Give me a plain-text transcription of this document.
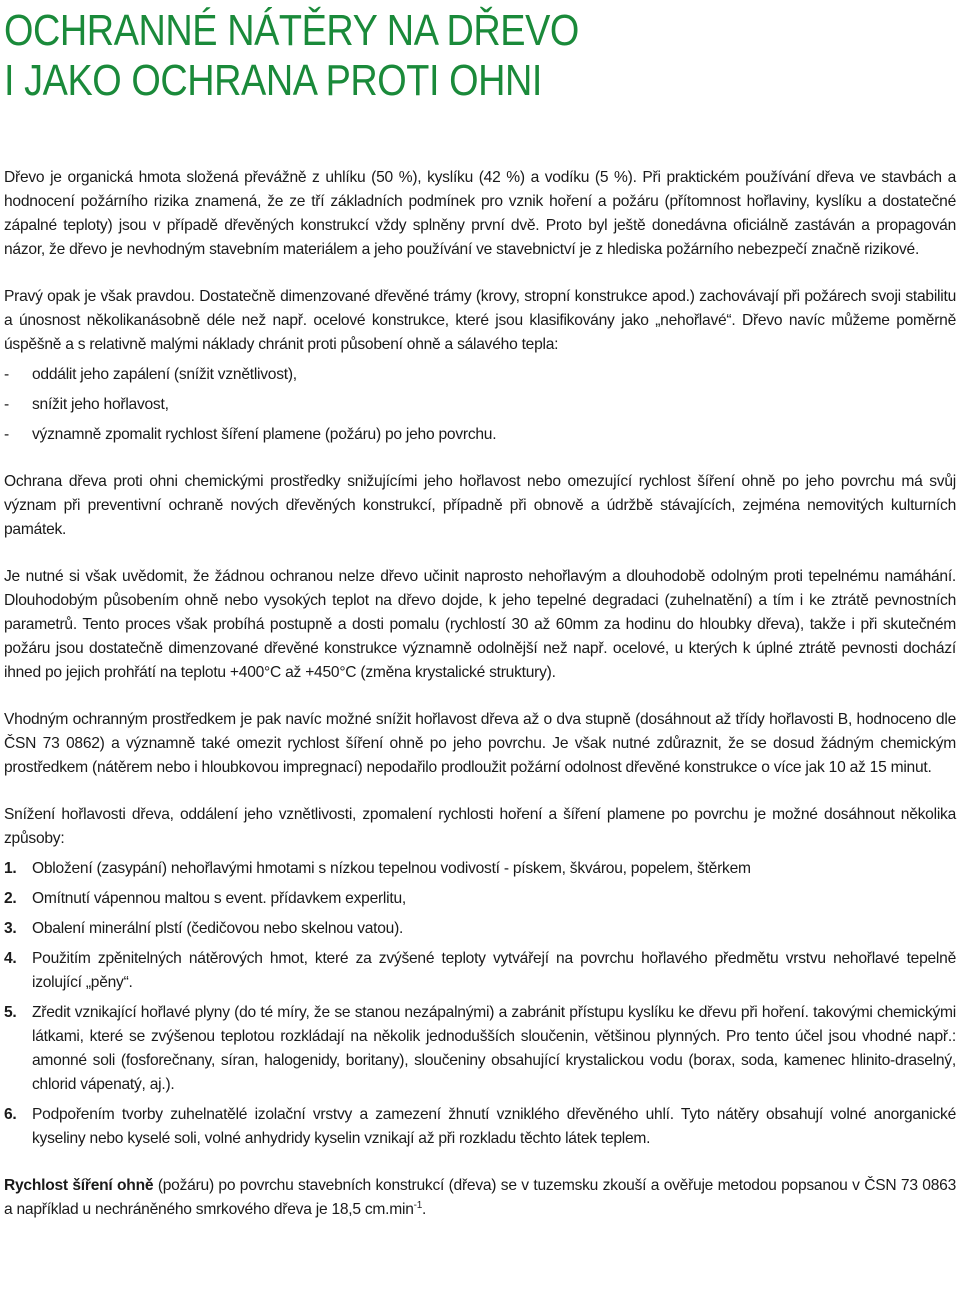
OCHRANNÉ NÁTĚRY NA DŘEVO
I JAKO OCHRANA PROTI OHNI

Dřevo je organická hmota složená převážně z uhlíku (50 %), kyslíku (42 %) a vodíku (5 %). Při praktickém používání dřeva ve stavbách a hodnocení požárního rizika znamená, že ze tří základních podmínek pro vznik hoření a požáru (přítomnost hořlaviny, kyslíku a dostatečné zápalné teploty) jsou v případě dřevěných konstrukcí vždy splněny první dvě. Proto byl ještě donedávna oficiálně zastáván a propagován názor, že dřevo je nevhodným stavebním materiálem a jeho používání ve stavebnictví je z hlediska požárního nebezpečí značně rizikové.

Pravý opak je však pravdou. Dostatečně dimenzované dřevěné trámy (krovy, stropní konstrukce apod.) zachovávají při požárech svoji stabilitu a únosnost několikanásobně déle než např. ocelové konstrukce, které jsou klasifikovány jako „nehořlavé“. Dřevo navíc můžeme poměrně úspěšně a s relativně malými náklady chránit proti působení ohně a sálavého tepla:

- oddálit jeho zapálení (snížit vznětlivost),
- snížit jeho hořlavost,
- významně zpomalit rychlost šíření plamene (požáru) po jeho povrchu.

Ochrana dřeva proti ohni chemickými prostředky snižujícími jeho hořlavost nebo omezující rychlost šíření ohně po jeho povrchu má svůj význam při preventivní ochraně nových dřevěných konstrukcí, případně při obnově a údržbě stávajících, zejména nemovitých kulturních památek.

Je nutné si však uvědomit, že žádnou ochranou nelze dřevo učinit naprosto nehořlavým a dlouhodobě odolným proti tepelnému namáhání. Dlouhodobým působením ohně nebo vysokých teplot na dřevo dojde, k jeho tepelné degradaci (zuhelnatění) a tím i ke ztrátě pevnostních parametrů. Tento proces však probíhá postupně a dosti pomalu (rychlostí 30 až 60mm za hodinu do hloubky dřeva), takže i při skutečném požáru jsou dostatečně dimenzované dřevěné konstrukce významně odolnější než např. ocelové, u kterých k úplné ztrátě pevnosti dochází ihned po jejich prohřátí na teplotu +400°C až +450°C (změna krystalické struktury).

Vhodným ochranným prostředkem je pak navíc možné snížit hořlavost dřeva až o dva stupně (dosáhnout až třídy hořlavosti B, hodnoceno dle ČSN 73 0862) a významně také omezit rychlost šíření ohně po jeho povrchu. Je však nutné zdůraznit, že se dosud žádným chemickým prostředkem (nátěrem nebo i hloubkovou impregnací) nepodařilo prodloužit požární odolnost dřevěné konstrukce o více jak 10 až 15 minut.

Snížení hořlavosti dřeva, oddálení jeho vznětlivosti, zpomalení rychlosti hoření a šíření plamene po povrchu je možné dosáhnout několika způsoby:

1. Obložení (zasypání) nehořlavými hmotami s nízkou tepelnou vodivostí - pískem, škvárou, popelem, štěrkem
2. Omítnutí vápennou maltou s event. přídavkem experlitu,
3. Obalení minerální plstí (čedičovou nebo skelnou vatou).
4. Použitím zpěnitelných nátěrových hmot, které za zvýšené teploty vytvářejí na povrchu hořlavého předmětu vrstvu nehořlavé tepelně izolující „pěny“.
5. Zředit vznikající hořlavé plyny (do té míry, že se stanou nezápalnými) a zabránit přístupu kyslíku ke dřevu při hoření. takovými chemickými látkami, které se zvýšenou teplotou rozkládají na několik jednodušších sloučenin, většinou plynných. Pro tento účel jsou vhodné např.: amonné soli (fosforečnany, síran, halogenidy, boritany), sloučeniny obsahující krystalickou vodu (borax, soda, kamenec hlinito-draselný, chlorid vápenatý, aj.).
6. Podpořením tvorby zuhelnatělé izolační vrstvy a zamezení žhnutí vzniklého dřevěného uhlí. Tyto nátěry obsahují volné anorganické kyseliny nebo kyselé soli, volné anhydridy kyselin vznikají až při rozkladu těchto látek teplem.

Rychlost šíření ohně (požáru) po povrchu stavebních konstrukcí (dřeva) se v tuzemsku zkouší a ověřuje metodou popsanou v ČSN 73 0863 a například u nechráněného smrkového dřeva je 18,5 $cm.\min^{-1}$.
